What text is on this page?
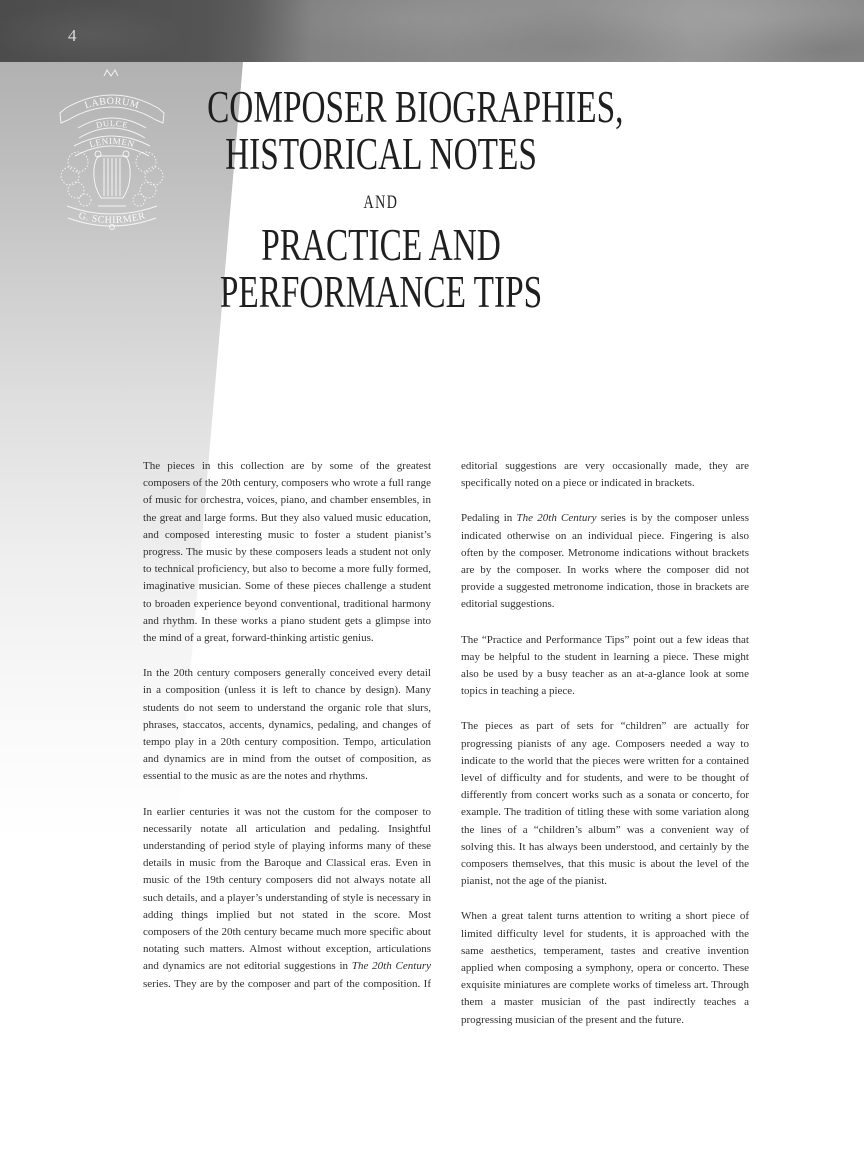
4
LABORUM
DULCE
LENIMEN
G. SCHIRMER
COMPOSER BIOGRAPHIES,
HISTORICAL NOTES
AND
PRACTICE AND
PERFORMANCE TIPS

The pieces in this collection are by some of the greatest composers of the 20th century, composers who wrote a full range of music for orchestra, voices, piano, and chamber ensembles, in the great and large forms. But they also valued music education, and composed interesting music to foster a student pianist’s progress. The music by these composers leads a student not only to technical proficiency, but also to become a more fully formed, imaginative musician. Some of these pieces challenge a student to broaden experience beyond conventional, traditional harmony and rhythm. In these works a piano student gets a glimpse into the mind of a great, forward-thinking artistic genius.

In the 20th century composers generally conceived every detail in a composition (unless it is left to chance by design). Many students do not seem to understand the organic role that slurs, phrases, staccatos, accents, dynamics, pedaling, and changes of tempo play in a 20th century composition. Tempo, articulation and dynamics are in mind from the outset of composition, as essential to the music as are the notes and rhythms.

In earlier centuries it was not the custom for the composer to necessarily notate all articulation and pedaling. Insightful understanding of period style of playing informs many of these details in music from the Baroque and Classical eras. Even in music of the 19th century composers did not always notate all such details, and a player’s understanding of style is necessary in adding things implied but not stated in the score. Most composers of the 20th century became much more specific about notating such matters. Almost without exception, articulations and dynamics are not editorial suggestions in The 20th Century series. They are by the composer and part of the composition. If

editorial suggestions are very occasionally made, they are specifically noted on a piece or indicated in brackets.

Pedaling in The 20th Century series is by the composer unless indicated otherwise on an individual piece. Fingering is also often by the composer. Metronome indications without brackets are by the composer. In works where the composer did not provide a suggested metronome indication, those in brackets are editorial suggestions.

The “Practice and Performance Tips” point out a few ideas that may be helpful to the student in learning a piece. These might also be used by a busy teacher as an at-a-glance look at some topics in teaching a piece.

The pieces as part of sets for “children” are actually for progressing pianists of any age. Composers needed a way to indicate to the world that the pieces were written for a contained level of difficulty and for students, and were to be thought of differently from concert works such as a sonata or concerto, for example. The tradition of titling these with some variation along the lines of a “children’s album” was a convenient way of solving this. It has always been understood, and certainly by the composers themselves, that this music is about the level of the pianist, not the age of the pianist.

When a great talent turns attention to writing a short piece of limited difficulty level for students, it is approached with the same aesthetics, temperament, tastes and creative invention applied when composing a symphony, opera or concerto. These exquisite miniatures are complete works of timeless art. Through them a master musician of the past indirectly teaches a progressing musician of the present and the future.
